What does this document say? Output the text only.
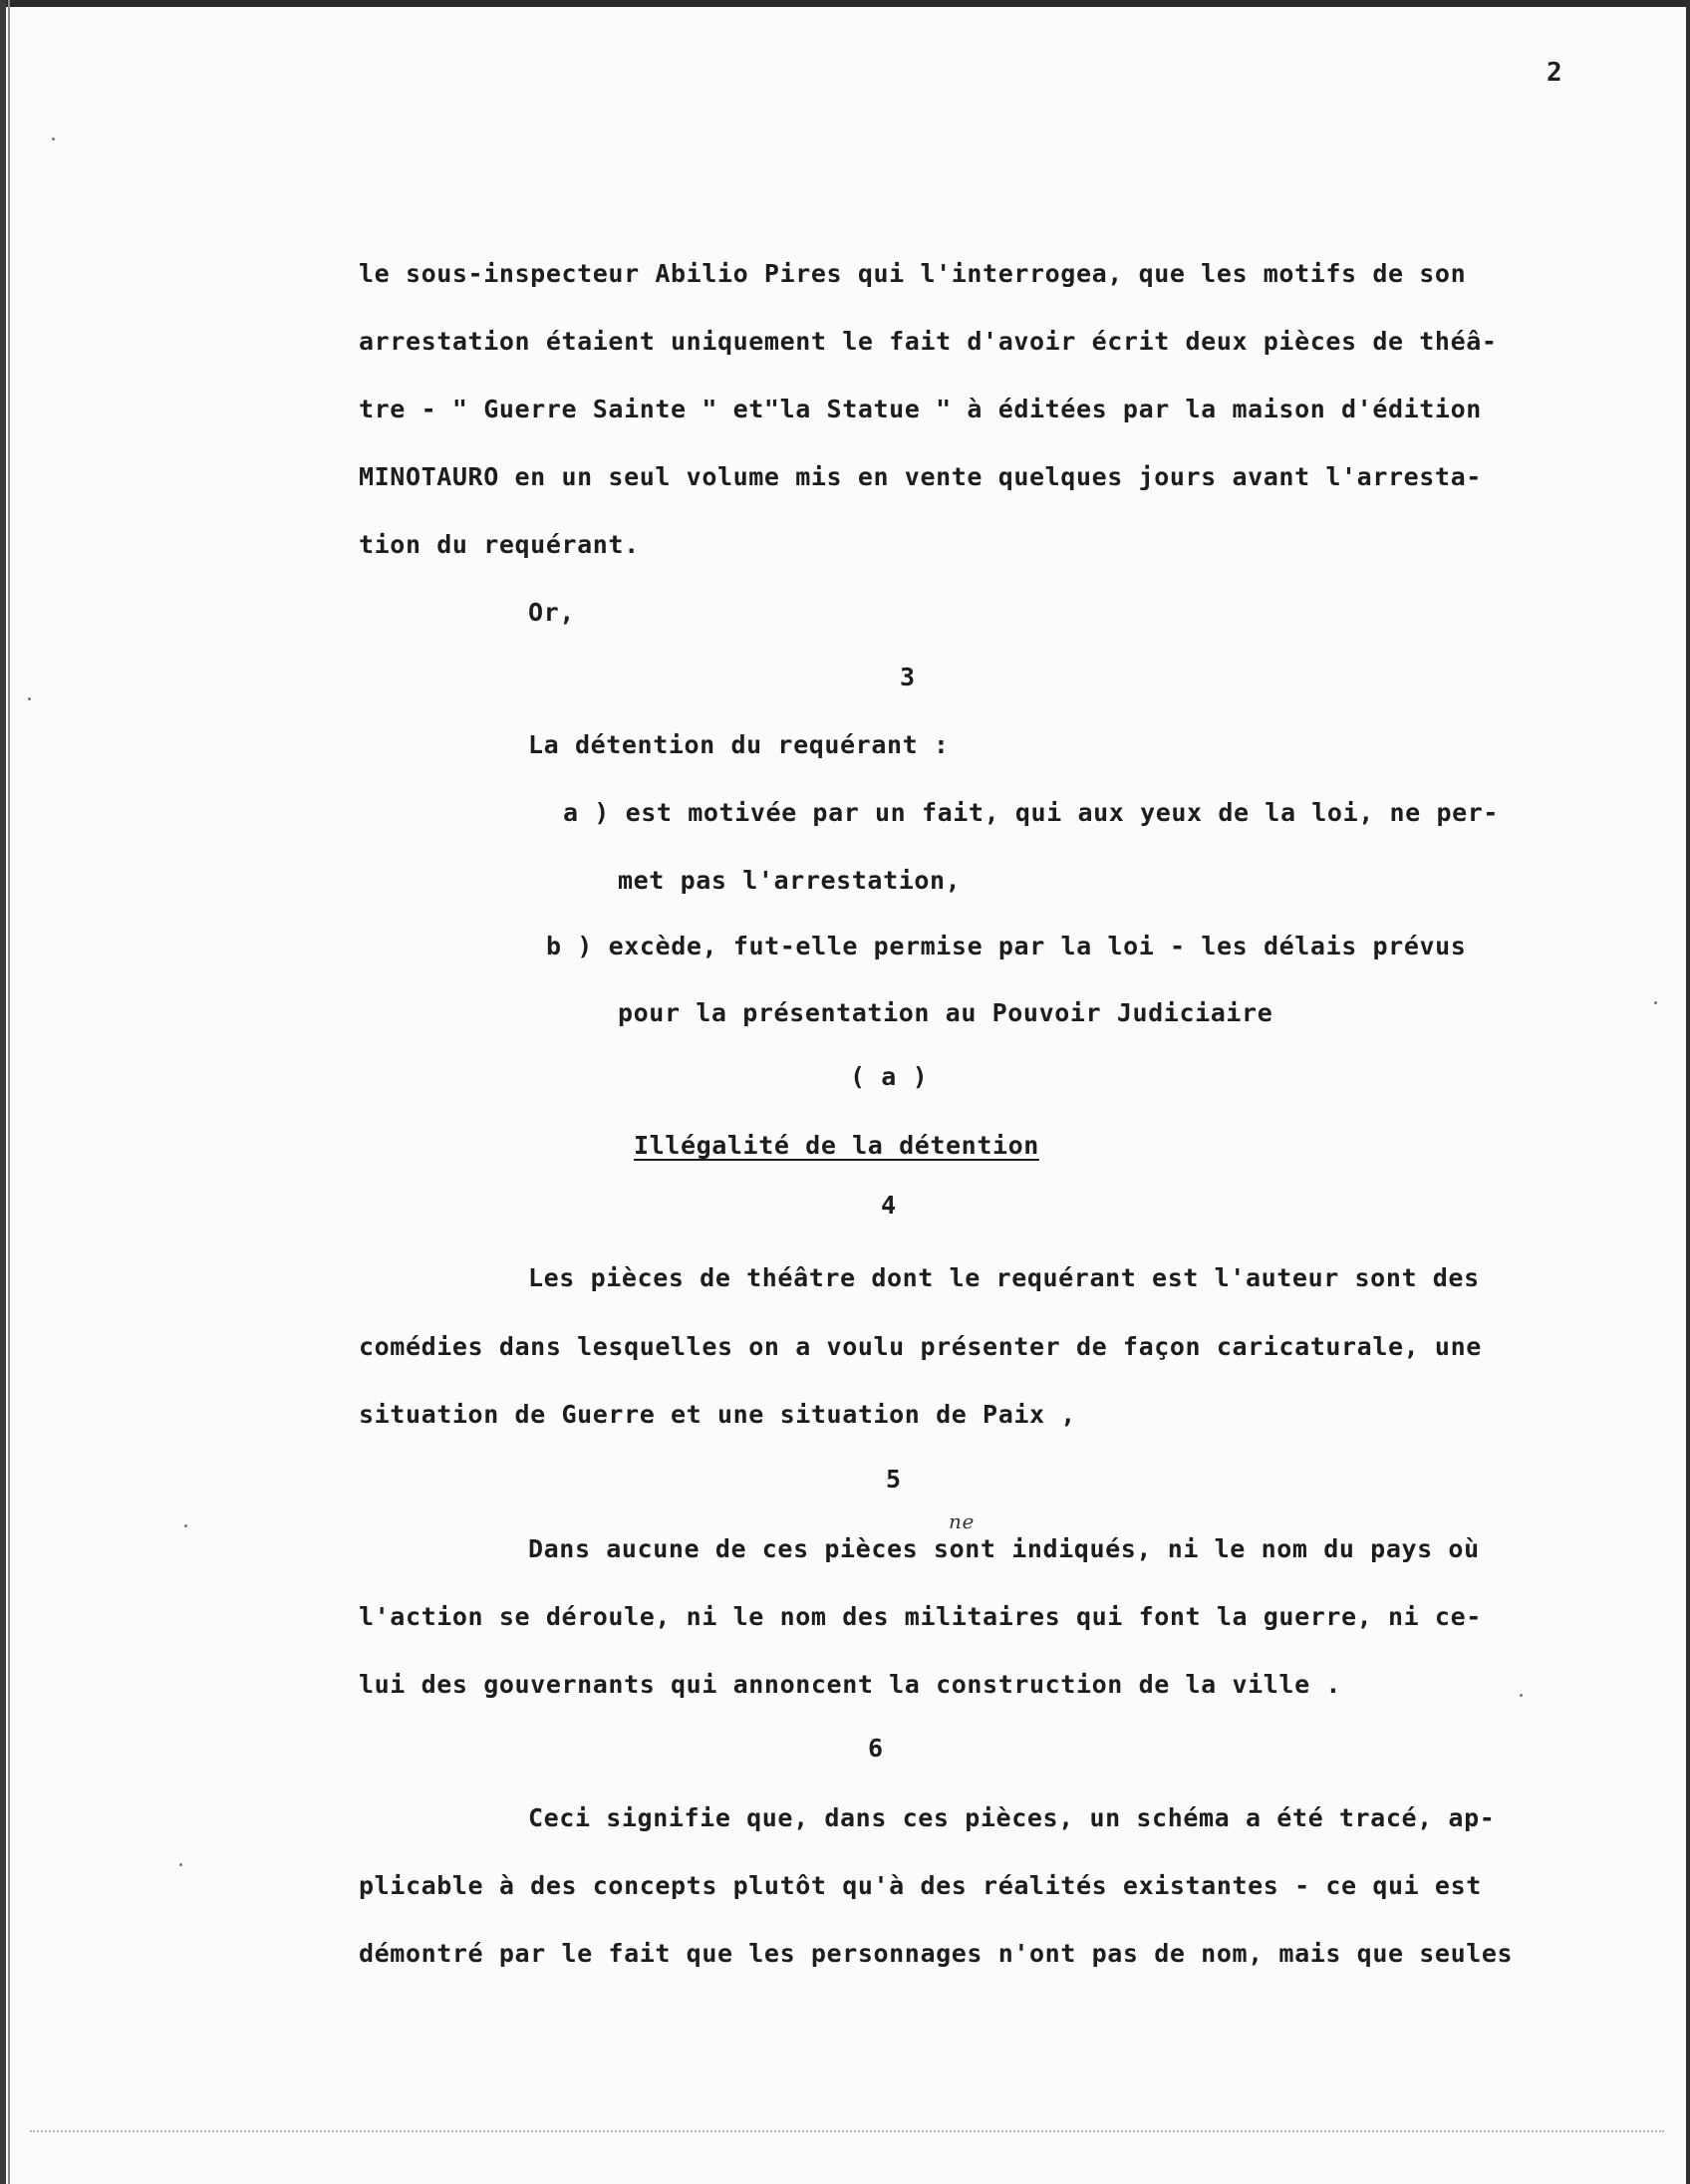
2
le sous-inspecteur Abilio Pires qui l'interrogea, que les motifs de son
arrestation étaient uniquement le fait d'avoir écrit deux pièces de théâ-
tre - " Guerre Sainte " et"la Statue " à éditées par la maison d'édition
MINOTAURO en un seul volume mis en vente quelques jours avant l'arresta-
tion du requérant.
Or,
3
La détention du requérant :
a ) est motivée par un fait, qui aux yeux de la loi, ne per-
met pas l'arrestation,
b ) excède, fut-elle permise par la loi - les délais prévus
pour la présentation au Pouvoir Judiciaire
( a )
Illégalité de la détention
4
Les pièces de théâtre dont le requérant est l'auteur sont des
comédies dans lesquelles on a voulu présenter de façon caricaturale, une
situation de Guerre et une situation de Paix ,
5
ne
Dans aucune de ces pièces sont indiqués, ni le nom du pays où
l'action se déroule, ni le nom des militaires qui font la guerre, ni ce-
lui des gouvernants qui annoncent la construction de la ville .
6
Ceci signifie que, dans ces pièces, un schéma a été tracé, ap-
plicable à des concepts plutôt qu'à des réalités existantes - ce qui est
démontré par le fait que les personnages n'ont pas de nom, mais que seules
